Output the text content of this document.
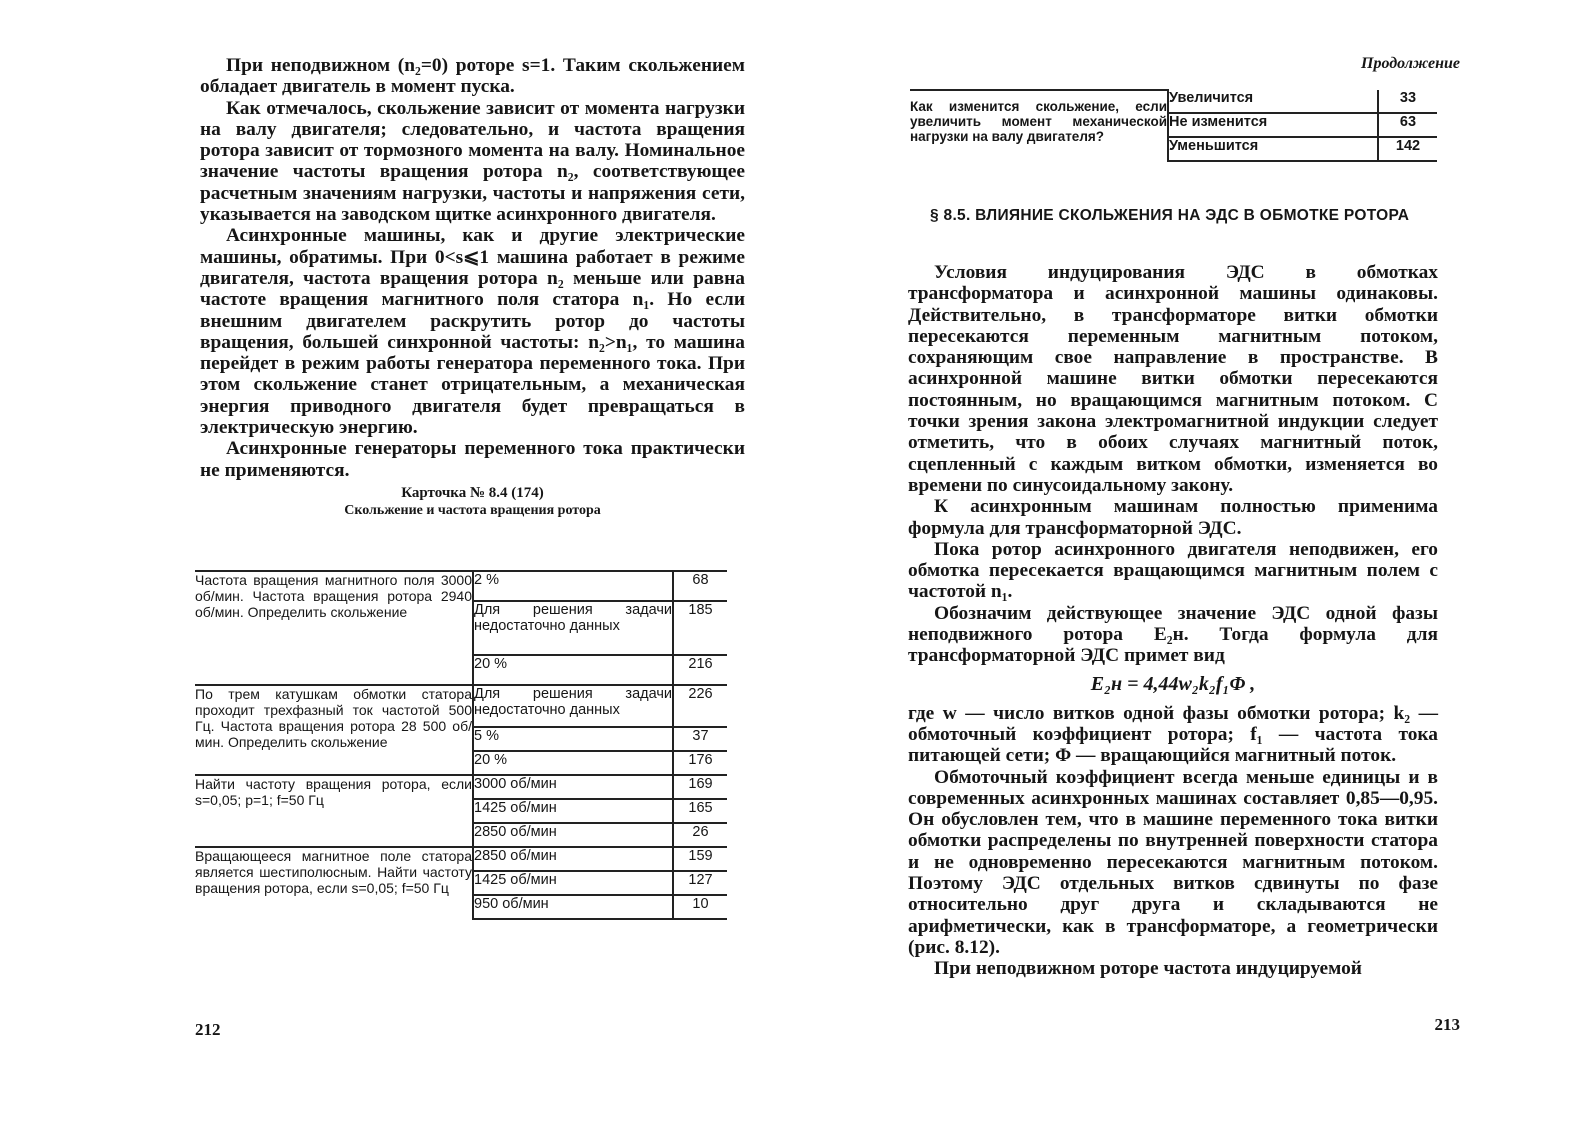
При неподвижном (n₂=0) роторе s=1. Таким скольжением обладает двигатель в момент пуска.

Как отмечалось, скольжение зависит от момента нагрузки на валу двигателя; следовательно, и частота вращения ротора зависит от тормозного момента на валу. Номинальное значение частоты вращения ротора n₂, соответствующее расчетным значениям нагрузки, частоты и напряжения сети, указывается на заводском щитке асинхронного двигателя.

Асинхронные машины, как и другие электрические машины, обратимы. При 0<s⩽1 машина работает в режиме двигателя, частота вращения ротора n₂ меньше или равна частоте вращения магнитного поля статора n₁. Но если внешним двигателем раскрутить ротор до частоты вращения, большей синхронной частоты: n₂>n₁, то машина перейдет в режим работы генератора переменного тока. При этом скольжение станет отрицательным, а механическая энергия приводного двигателя будет превращаться в электрическую энергию.

Асинхронные генераторы переменного тока практически не применяются.

Карточка № 8.4 (174)
Скольжение и частота вращения ротора
Частота вращения магнитного поля 3000 об/мин. Частота вращения ротора 2940 об/мин. Определить скольжение	2 %	68
	Для решения задачи недостаточно данных	185
	20 %	216
По трем катушкам обмотки статора проходит трехфазный ток частотой 500 Гц. Частота вращения ротора 28 500 об/мин. Определить скольжение	Для решения задачи недостаточно данных	226
	5 %	37
	20 %	176
Найти частоту вращения ротора, если s=0,05; p=1; f=50 Гц	3000 об/мин	169
	1425 об/мин	165
	2850 об/мин	26
Вращающееся магнитное поле статора является шестиполюсным. Найти частоту вращения ротора, если s=0,05; f=50 Гц	2850 об/мин	159
	1425 об/мин	127
	950 об/мин	10
212
Продолжение
Как изменится скольжение, если увеличить момент механической нагрузки на валу двигателя?	Увеличится	33
	Не изменится	63
	Уменьшится	142
§ 8.5. ВЛИЯНИЕ СКОЛЬЖЕНИЯ НА ЭДС В ОБМОТКЕ РОТОРА

Условия индуцирования ЭДС в обмотках трансформатора и асинхронной машины одинаковы. Действительно, в трансформаторе витки обмотки пересекаются переменным магнитным потоком, сохраняющим свое направление в пространстве. В асинхронной машине витки обмотки пересекаются постоянным, но вращающимся магнитным потоком. С точки зрения закона электромагнитной индукции следует отметить, что в обоих случаях магнитный поток, сцепленный с каждым витком обмотки, изменяется во времени по синусоидальному закону.

К асинхронным машинам полностью применима формула для трансформаторной ЭДС.

Пока ротор асинхронного двигателя неподвижен, его обмотка пересекается вращающимся магнитным полем с частотой n₁.

Обозначим действующее значение ЭДС одной фазы неподвижного ротора E₂н. Тогда формула для трансформаторной ЭДС примет вид

E₂н = 4,44w₂k₂f₁Φ ,

где w — число витков одной фазы обмотки ротора; k₂ — обмоточный коэффициент ротора; f₁ — частота тока питающей сети; Φ — вращающийся магнитный поток.

Обмоточный коэффициент всегда меньше единицы и в современных асинхронных машинах составляет 0,85—0,95. Он обусловлен тем, что в машине переменного тока витки обмотки распределены по внутренней поверхности статора и не одновременно пересекаются магнитным потоком. Поэтому ЭДС отдельных витков сдвинуты по фазе относительно друг друга и складываются не арифметически, как в трансформаторе, а геометрически (рис. 8.12).

При неподвижном роторе частота индуцируемой

213
